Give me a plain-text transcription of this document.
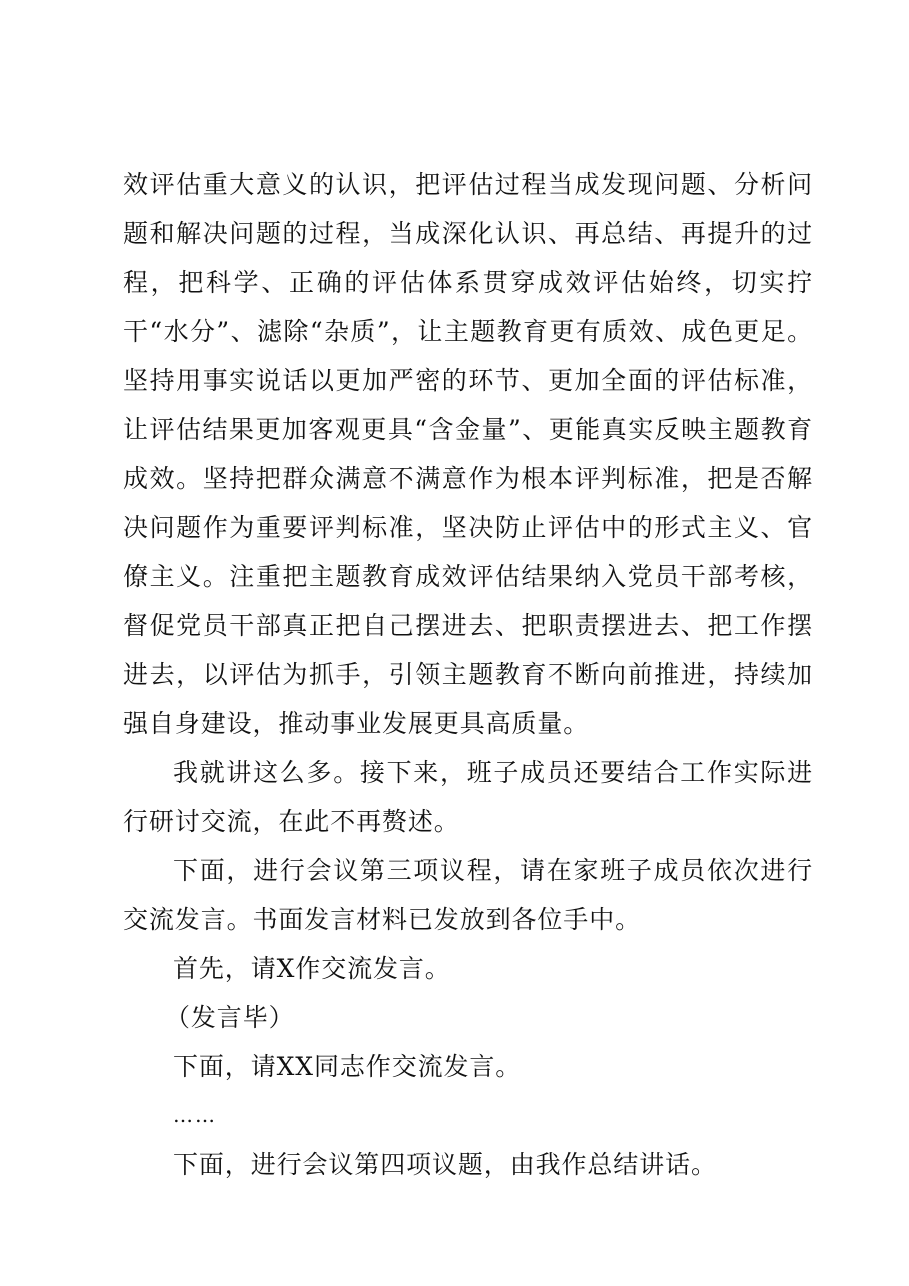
效评估重大意义的认识，把评估过程当成发现问题、分析问题和解决问题的过程，当成深化认识、再总结、再提升的过程，把科学、正确的评估体系贯穿成效评估始终，切实拧干“水分”、滤除“杂质”，让主题教育更有质效、成色更足。坚持用事实说话以更加严密的环节、更加全面的评估标准，让评估结果更加客观更具“含金量”、更能真实反映主题教育成效。坚持把群众满意不满意作为根本评判标准，把是否解决问题作为重要评判标准，坚决防止评估中的形式主义、官僚主义。注重把主题教育成效评估结果纳入党员干部考核，督促党员干部真正把自己摆进去、把职责摆进去、把工作摆进去，以评估为抓手，引领主题教育不断向前推进，持续加强自身建设，推动事业发展更具高质量。

我就讲这么多。接下来，班子成员还要结合工作实际进行研讨交流，在此不再赘述。

下面，进行会议第三项议程，请在家班子成员依次进行交流发言。书面发言材料已发放到各位手中。

首先，请X作交流发言。

（发言毕）

下面，请XX同志作交流发言。

……

下面，进行会议第四项议题，由我作总结讲话。
